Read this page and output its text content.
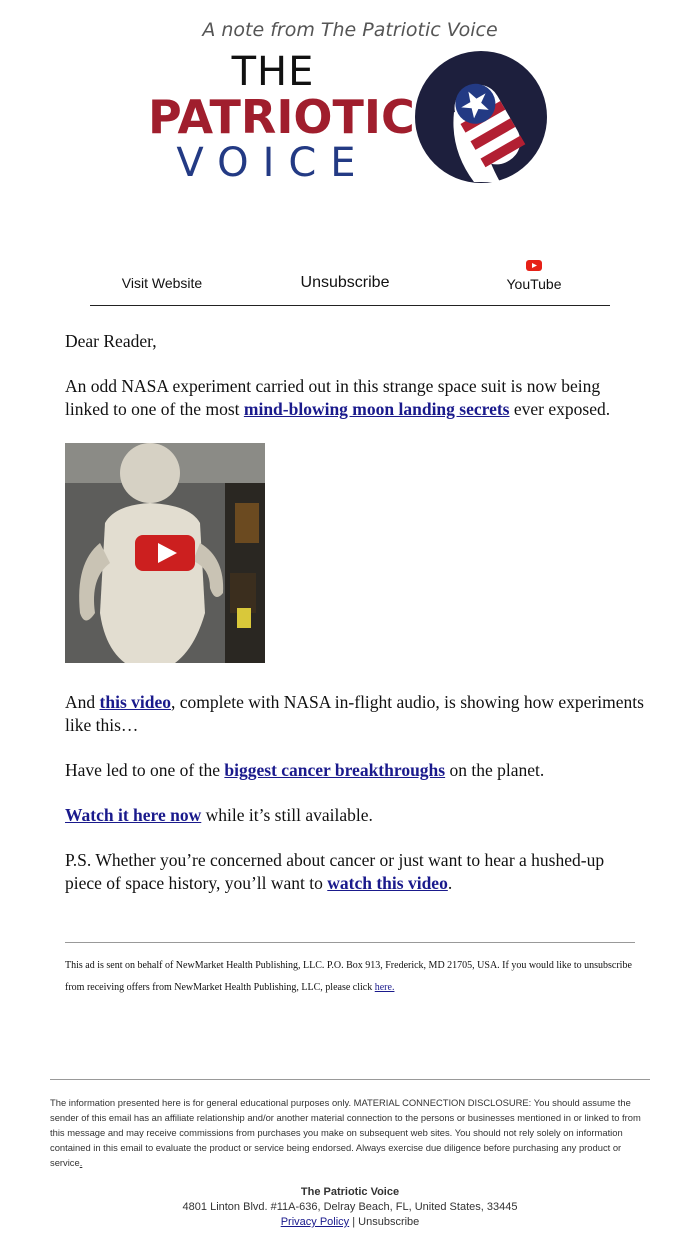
A note from The Patriotic Voice
THE
PATRIOTIC
VOICE
Visit Website	Unsubscribe	YouTube

Dear Reader,

An odd NASA experiment carried out in this strange space suit is now being linked to one of the most mind-blowing moon landing secrets ever exposed.

And this video, complete with NASA in-flight audio, is showing how experiments like this…

Have led to one of the biggest cancer breakthroughs on the planet.

Watch it here now while it’s still available.

P.S. Whether you’re concerned about cancer or just want to hear a hushed-up piece of space history, you’ll want to watch this video.

This ad is sent on behalf of NewMarket Health Publishing, LLC. P.O. Box 913, Frederick, MD 21705, USA. If you would like to unsubscribe from receiving offers from NewMarket Health Publishing, LLC, please click here.
The information presented here is for general educational purposes only. MATERIAL CONNECTION DISCLOSURE: You should assume the sender of this email has an affiliate relationship and/or another material connection to the persons or businesses mentioned in or linked to from this message and may receive commissions from purchases you make on subsequent web sites. You should not rely solely on information contained in this email to evaluate the product or service being endorsed. Always exercise due diligence before purchasing any product or service.
The Patriotic Voice
4801 Linton Blvd. #11A-636, Delray Beach, FL, United States, 33445
Privacy Policy | Unsubscribe
